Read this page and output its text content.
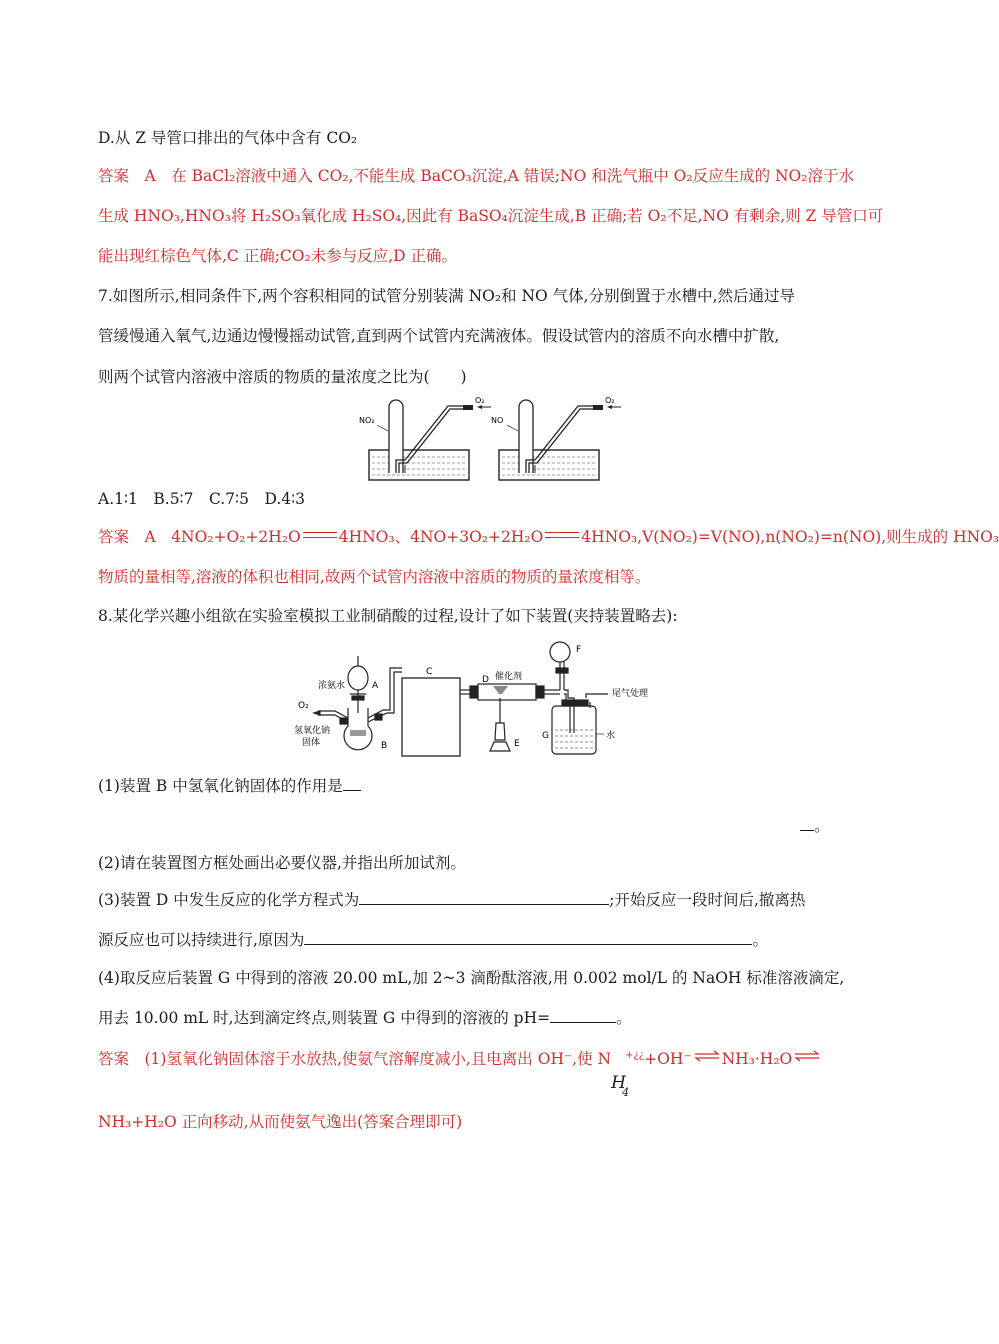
D.从 Z 导管口排出的气体中含有 CO₂
答案　A　在 BaCl₂溶液中通入 CO₂,不能生成 BaCO₃沉淀,A 错误;NO 和洗气瓶中 O₂反应生成的 NO₂溶于水
生成 HNO₃,HNO₃将 H₂SO₃氧化成 H₂SO₄,因此有 BaSO₄沉淀生成,B 正确;若 O₂不足,NO 有剩余,则 Z 导管口可
能出现红棕色气体,C 正确;CO₂未参与反应,D 正确。
7.如图所示,相同条件下,两个容积相同的试管分别装满 NO₂和 NO 气体,分别倒置于水槽中,然后通过导
管缓慢通入氧气,边通边慢慢摇动试管,直到两个试管内充满液体。假设试管内的溶质不向水槽中扩散,
则两个试管内溶液中溶质的物质的量浓度之比为(　　)
NO₂
O₂
NO
O₂
A.1∶1　B.5∶7　C.7∶5　D.4∶3
答案　A　4NO₂+O₂+2H₂O 4HNO₃、4NO+3O₂+2H₂O 4HNO₃,V(NO₂)=V(NO),n(NO₂)=n(NO),则生成的 HNO₃
物质的量相等,溶液的体积也相同,故两个试管内溶液中溶质的物质的量浓度相等。
8.某化学兴趣小组欲在实验室模拟工业制硝酸的过程,设计了如下装置(夹持装置略去):
浓氨水	A
O₂
氢氧化钠
固体	B
C
D 催化剂
E
F
尾气处理
G	水
(1)装置 B 中氢氧化钠固体的作用是
。
(2)请在装置图方框处画出必要仪器,并指出所加试剂。
(3)装置 D 中发生反应的化学方程式为	;开始反应一段时间后,撤离热
源反应也可以持续进行,原因为	。
(4)取反应后装置 G 中得到的溶液 20.00 mL,加 2~3 滴酚酞溶液,用 0.002 mol/L 的 NaOH 标准溶液滴定,
用去 10.00 mL 时,达到滴定终点,则装置 G 中得到的溶液的 pH=	。
答案　(1)氢氧化钠固体溶于水放热,使氨气溶解度减小,且电离出 OH⁻,使 N
H
4
+¿¿+OH⁻ ⇌ NH₃·H₂O ⇌
NH₃+H₂O 正向移动,从而使氨气逸出(答案合理即可)
